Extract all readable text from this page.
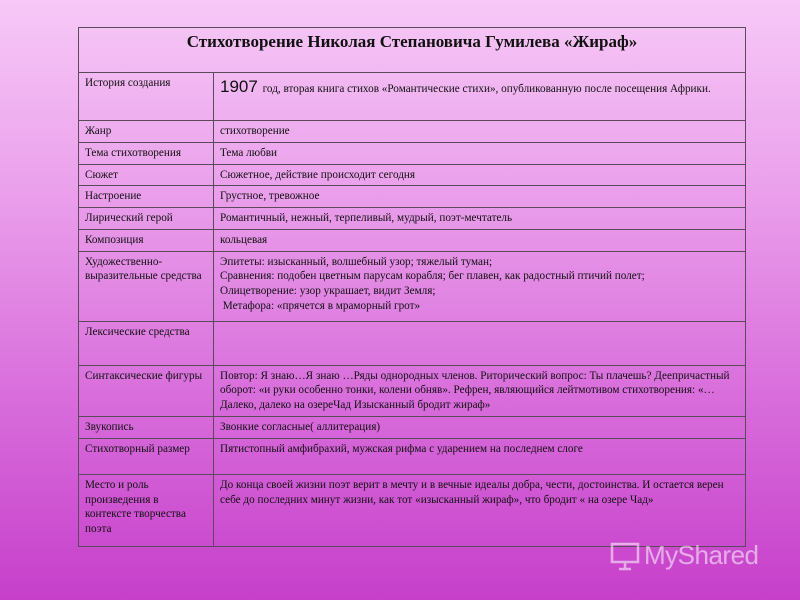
Стихотворение Николая Степановича Гумилева «Жираф»	
История создания	1907 год, вторая книга стихов «Романтические стихи», опубликованную после посещения Африки.
Жанр	стихотворение
Тема стихотворения	Тема любви
Сюжет	Сюжетное, действие происходит сегодня
Настроение	Грустное, тревожное
Лирический герой	Романтичный, нежный, терпеливый, мудрый, поэт-мечтатель
Композиция	кольцевая
Художественно-выразительные средства	Эпитеты: изысканный, волшебный узор; тяжелый туман;
Сравнения: подобен цветным парусам корабля; бег плавен, как радостный птичий полет;
Олицетворение: узор украшает, видит Земля;
Метафора: «прячется в мраморный грот»

Лексические средства	
Синтаксические фигуры	Повтор: Я знаю…Я знаю …Ряды однородных членов. Риторический вопрос: Ты плачешь? Деепричастный оборот: «и руки особенно тонки, колени обняв». Рефрен, являющийся лейтмотивом стихотворения: «…Далеко, далеко на озереЧад Изысканный бродит жираф»
Звукопись	Звонкие согласные( аллитерация)
Стихотворный размер	Пятистопный амфибрахий, мужская рифма с ударением на последнем слоге
Место и роль произведения в контексте творчества поэта	До конца своей жизни поэт верит в мечту и в вечные идеалы добра, чести, достоинства. И остается верен себе до последних минут жизни, как тот «изысканный жираф», что бродит « на озере Чад»
MyShared
